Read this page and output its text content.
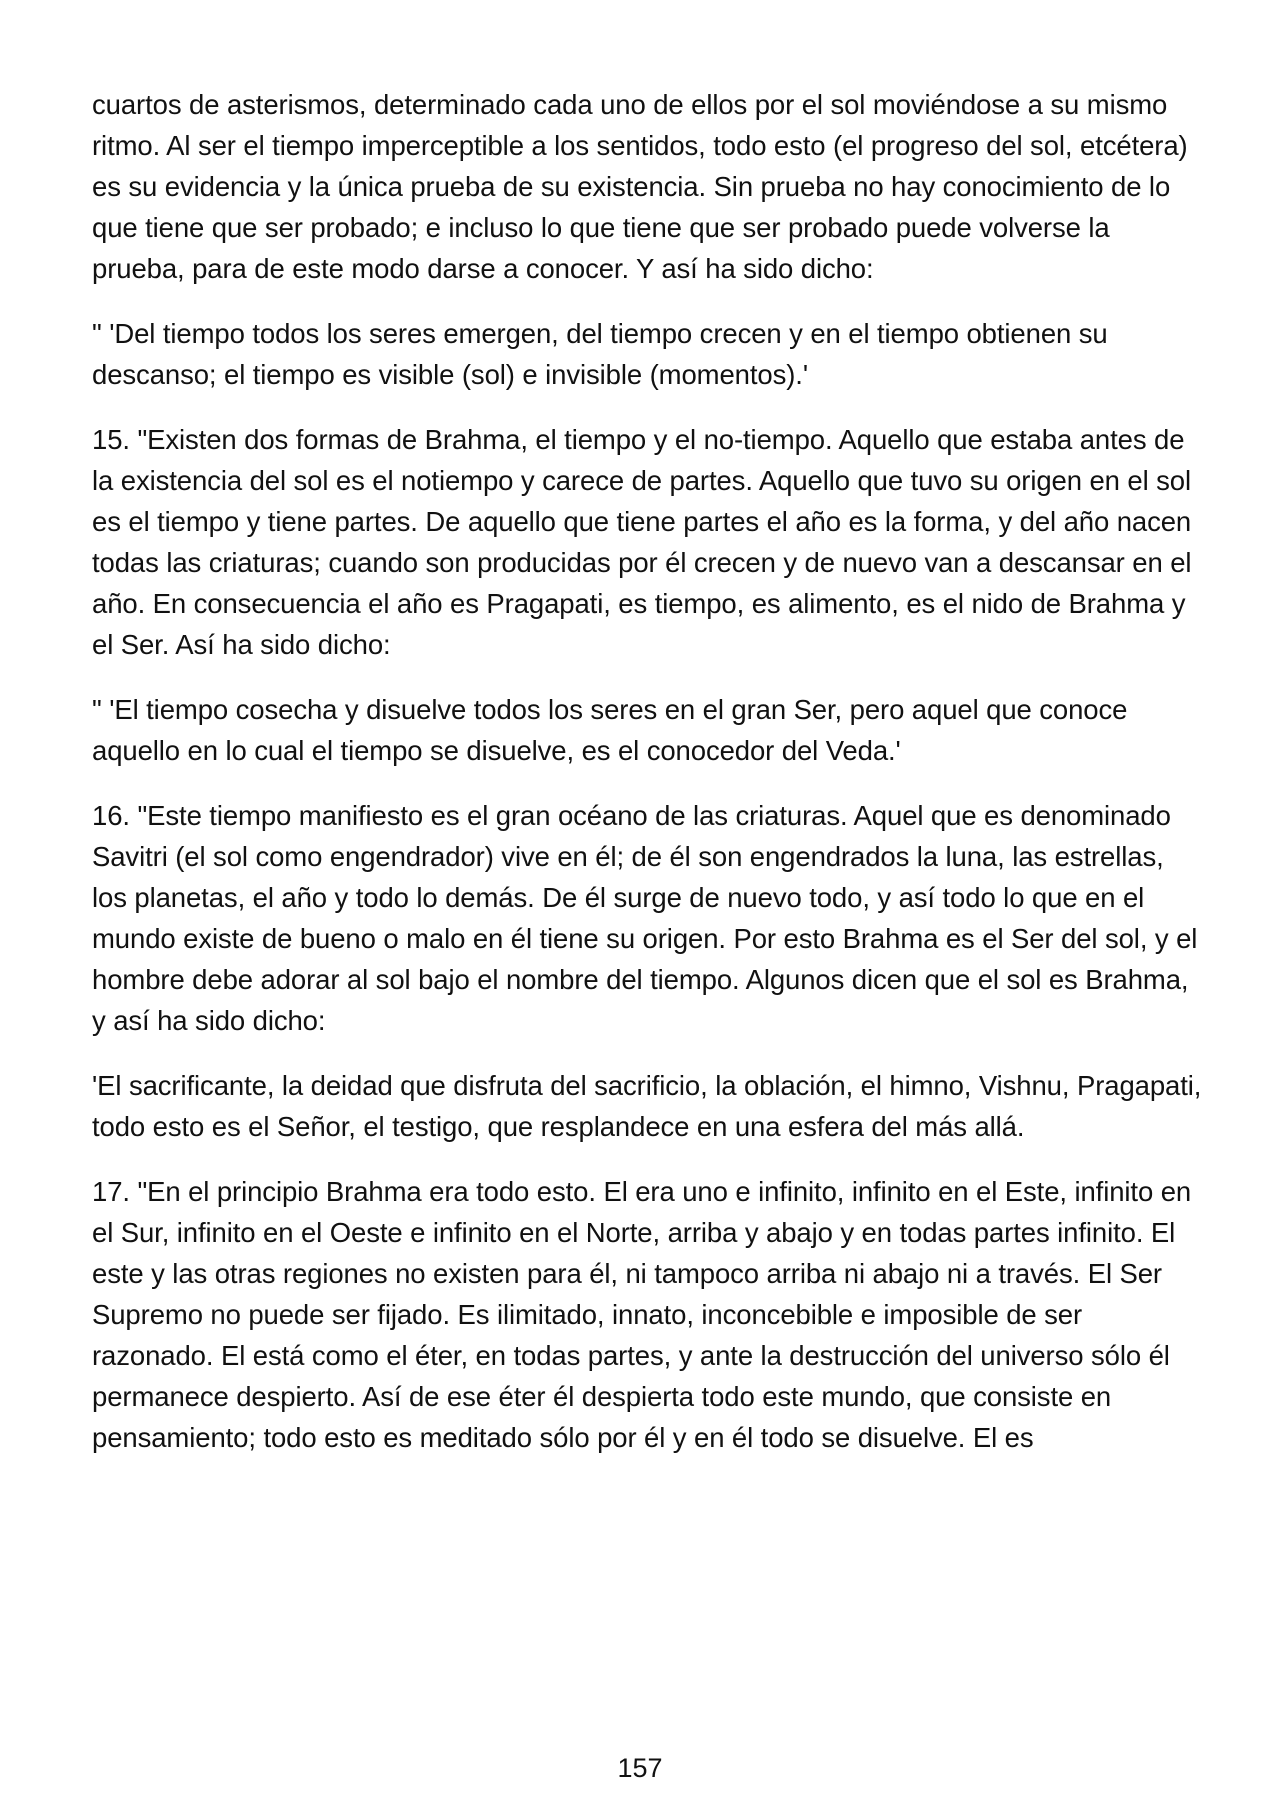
cuartos de asterismos, determinado cada uno de ellos por el sol moviéndose a su mismo ritmo. Al ser el tiempo imperceptible a los sentidos, todo esto (el progreso del sol, etcétera) es su evidencia y la única prueba de su existencia. Sin prueba no hay conocimiento de lo que tiene que ser probado; e incluso lo que tiene que ser probado puede volverse la prueba, para de este modo darse a conocer. Y así ha sido dicho:

" 'Del tiempo todos los seres emergen, del tiempo crecen y en el tiempo obtienen su descanso; el tiempo es visible (sol) e invisible (momentos).'

15. "Existen dos formas de Brahma, el tiempo y el no-tiempo. Aquello que estaba antes de la existencia del sol es el notiempo y carece de partes. Aquello que tuvo su origen en el sol es el tiempo y tiene partes. De aquello que tiene partes el año es la forma, y del año nacen todas las criaturas; cuando son producidas por él crecen y de nuevo van a descansar en el año. En consecuencia el año es Pragapati, es tiempo, es alimento, es el nido de Brahma y el Ser. Así ha sido dicho:

" 'El tiempo cosecha y disuelve todos los seres en el gran Ser, pero aquel que conoce aquello en lo cual el tiempo se disuelve, es el conocedor del Veda.'

16. "Este tiempo manifiesto es el gran océano de las criaturas. Aquel que es denominado Savitri (el sol como engendrador) vive en él; de él son engendrados la luna, las estrellas, los planetas, el año y todo lo demás. De él surge de nuevo todo, y así todo lo que en el mundo existe de bueno o malo en él tiene su origen. Por esto Brahma es el Ser del sol, y el hombre debe adorar al sol bajo el nombre del tiempo. Algunos dicen que el sol es Brahma, y así ha sido dicho:

'El sacrificante, la deidad que disfruta del sacrificio, la oblación, el himno, Vishnu, Pragapati, todo esto es el Señor, el testigo, que resplandece en una esfera del más allá.

17. "En el principio Brahma era todo esto. El era uno e infinito, infinito en el Este, infinito en el Sur, infinito en el Oeste e infinito en el Norte, arriba y abajo y en todas partes infinito. El este y las otras regiones no existen para él, ni tampoco arriba ni abajo ni a través. El Ser Supremo no puede ser fijado. Es ilimitado, innato, inconcebible e imposible de ser razonado. El está como el éter, en todas partes, y ante la destrucción del universo sólo él permanece despierto. Así de ese éter él despierta todo este mundo, que consiste en pensamiento; todo esto es meditado sólo por él y en él todo se disuelve. El es

157
